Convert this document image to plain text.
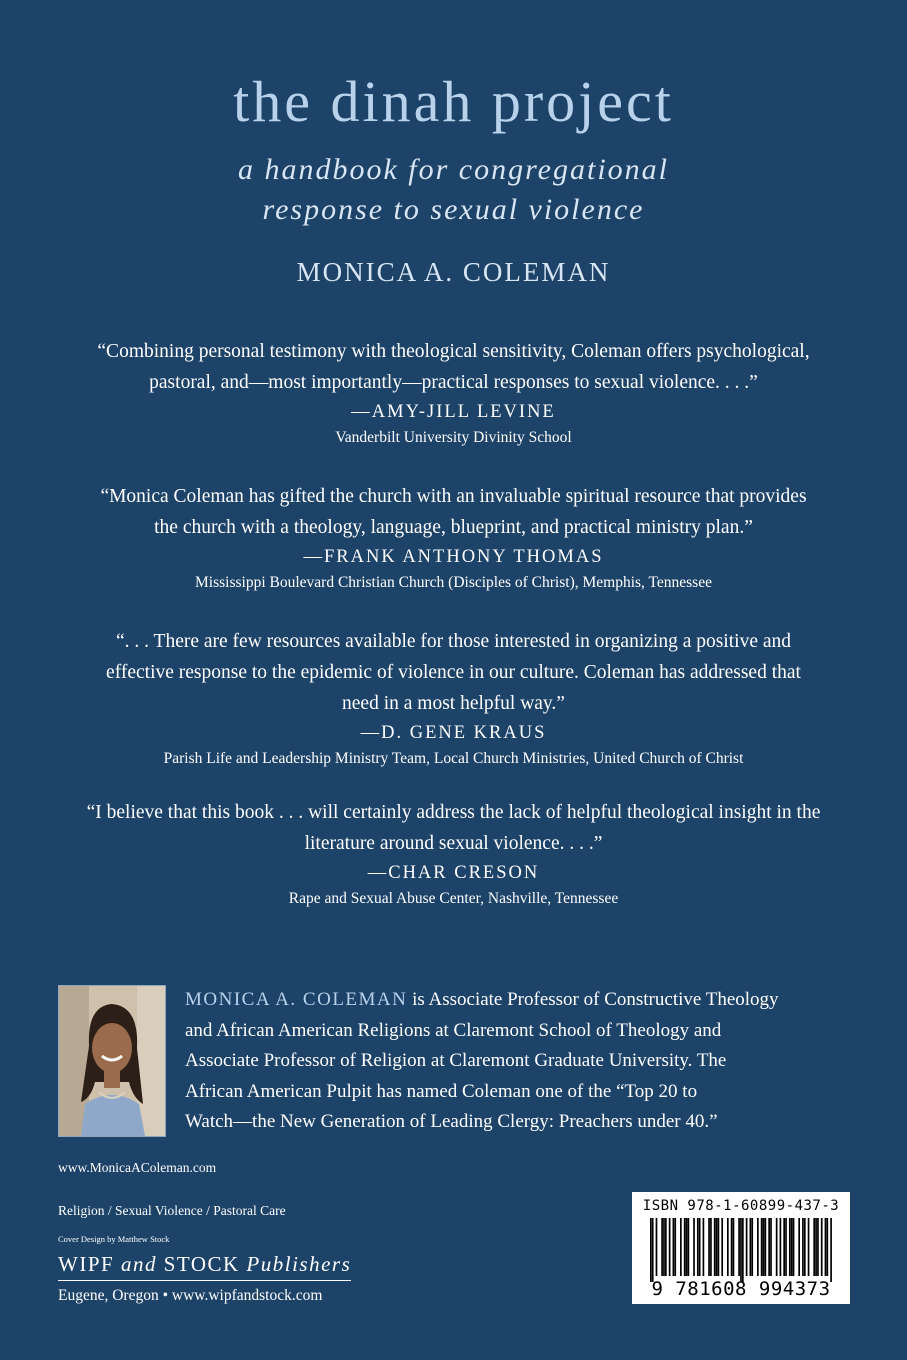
the dinah project
a handbook for congregational
response to sexual violence
MONICA A. COLEMAN
“Combining personal testimony with theological sensitivity, Coleman offers psychological,
pastoral, and—most importantly—practical responses to sexual violence. . . .”
—AMY-JILL LEVINE
Vanderbilt University Divinity School
“Monica Coleman has gifted the church with an invaluable spiritual resource that provides
the church with a theology, language, blueprint, and practical ministry plan.”
—FRANK ANTHONY THOMAS
Mississippi Boulevard Christian Church (Disciples of Christ), Memphis, Tennessee
“. . . There are few resources available for those interested in organizing a positive and
effective response to the epidemic of violence in our culture. Coleman has addressed that
need in a most helpful way.”
—D. GENE KRAUS
Parish Life and Leadership Ministry Team, Local Church Ministries, United Church of Christ
“I believe that this book . . . will certainly address the lack of helpful theological insight in the
literature around sexual violence. . . .”
—CHAR CRESON
Rape and Sexual Abuse Center, Nashville, Tennessee
MONICA A. COLEMAN is Associate Professor of Constructive Theology
and African American Religions at Claremont School of Theology and
Associate Professor of Religion at Claremont Graduate University. The
African American Pulpit has named Coleman one of the “Top 20 to
Watch—the New Generation of Leading Clergy: Preachers under 40.”
www.MonicaAColeman.com
Religion / Sexual Violence / Pastoral Care
Cover Design by Matthew Stock
WIPF and STOCK Publishers
Eugene, Oregon • www.wipfandstock.com
ISBN 978-1-60899-437-3
9 781608 994373
